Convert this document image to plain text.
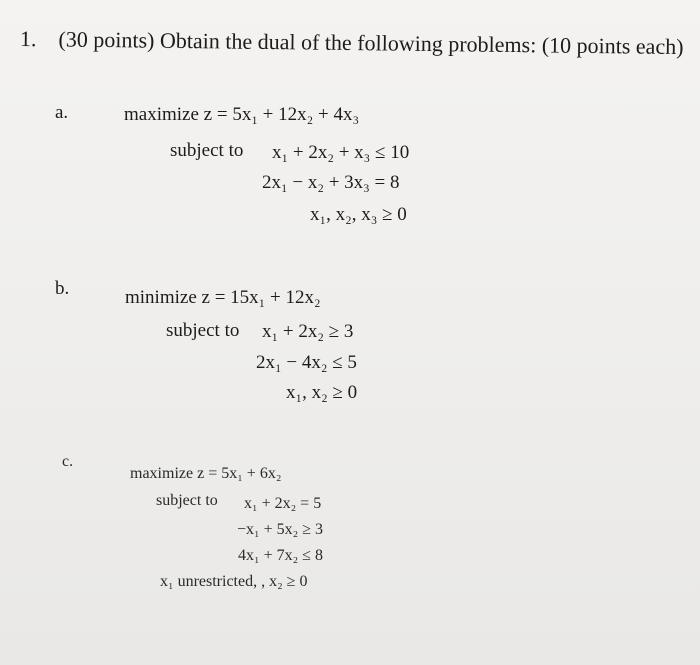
1. (30 points) Obtain the dual of the following problems: (10 points each)
a.	maximize z = 5x₁ + 12x₂ + 4x₃
subject to x₁ + 2x₂ + x₃ ≤ 10
2x₁ − x₂ + 3x₃ = 8
x₁, x₂, x₃ ≥ 0
b.	minimize z = 15x₁ + 12x₂
subject to x₁ + 2x₂ ≥ 3
2x₁ − 4x₂ ≤ 5
x₁, x₂ ≥ 0
c.
maximize z = 5x₁ + 6x₂
subject to x₁ + 2x₂ = 5
−x₁ + 5x₂ ≥ 3
4x₁ + 7x₂ ≤ 8
x₁ unrestricted, , x₂ ≥ 0
